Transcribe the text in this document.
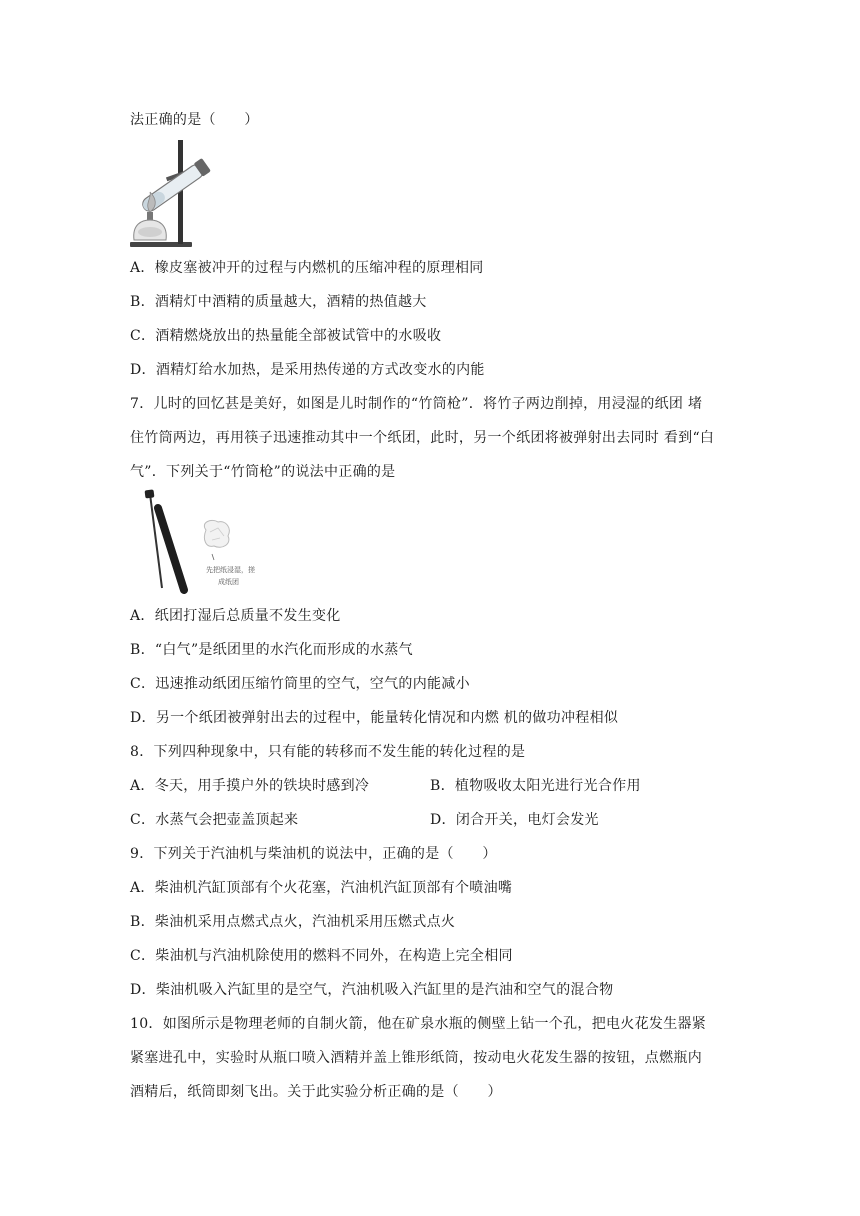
法正确的是（　　）
A．橡皮塞被冲开的过程与内燃机的压缩冲程的原理相同
B．酒精灯中酒精的质量越大，酒精的热值越大
C．酒精燃烧放出的热量能全部被试管中的水吸收
D．酒精灯给水加热，是采用热传递的方式改变水的内能
7．儿时的回忆甚是美好，如图是儿时制作的“竹筒枪”．将竹子两边削掉，用浸湿的纸团 堵
住竹筒两边，再用筷子迅速推动其中一个纸团，此时，另一个纸团将被弹射出去同时 看到“白
气”．下列关于“竹筒枪”的说法中正确的是
先把纸浸湿，搓
成纸团
A．纸团打湿后总质量不发生变化
B．“白气”是纸团里的水汽化而形成的水蒸气
C．迅速推动纸团压缩竹筒里的空气，空气的内能减小
D．另一个纸团被弹射出去的过程中，能量转化情况和内燃 机的做功冲程相似
8．下列四种现象中，只有能的转移而不发生能的转化过程的是
A．冬天，用手摸户外的铁块时感到冷	B．植物吸收太阳光进行光合作用
C．水蒸气会把壶盖顶起来	D．闭合开关，电灯会发光
9．下列关于汽油机与柴油机的说法中，正确的是（　　）
A．柴油机汽缸顶部有个火花塞，汽油机汽缸顶部有个喷油嘴
B．柴油机采用点燃式点火，汽油机采用压燃式点火
C．柴油机与汽油机除使用的燃料不同外，在构造上完全相同
D．柴油机吸入汽缸里的是空气，汽油机吸入汽缸里的是汽油和空气的混合物
10．如图所示是物理老师的自制火箭，他在矿泉水瓶的侧壁上钻一个孔，把电火花发生器紧
紧塞进孔中，实验时从瓶口喷入酒精并盖上锥形纸筒，按动电火花发生器的按钮，点燃瓶内
酒精后，纸筒即刻飞出。关于此实验分析正确的是（　　）
